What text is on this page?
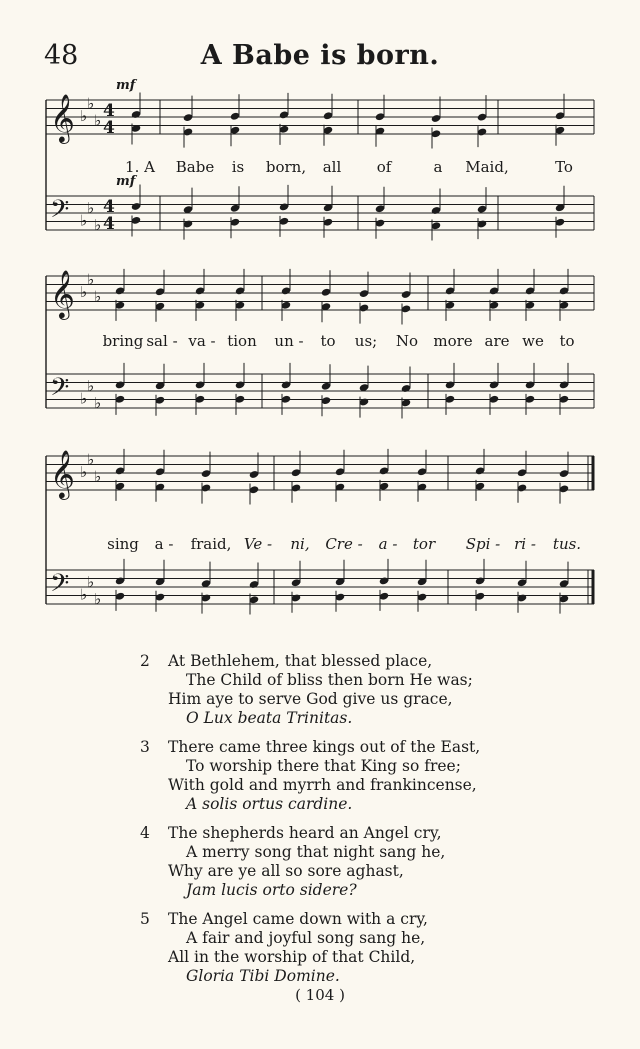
48	A Babe is born.
mf
mf
1. A Babe is born, all of	a Maid,	To
𝄞 ♭
♭
♭
𝄢 ♭
♭
♭
4
4
4
4
bring sal - va - tion un - to us; No more are we to
𝄞 ♭
♭
♭
𝄢 ♭
♭
♭
sing a - fraid, Ve - ni, Cre - a - tor Spi - ri - tus.
𝄞 ♭
♭
♭
𝄢 ♭
♭
♭
2 At Bethlehem, that blessed place,
The Child of bliss then born He was;
Him aye to serve God give us grace,
O Lux beata Trinitas.
3 There came three kings out of the East,
To worship there that King so free;
With gold and myrrh and frankincense,
A solis ortus cardine.
4 The shepherds heard an Angel cry,
A merry song that night sang he,
Why are ye all so sore aghast,
Jam lucis orto sidere?
5 The Angel came down with a cry,
A fair and joyful song sang he,
All in the worship of that Child,
Gloria Tibi Domine.
( 104 )
